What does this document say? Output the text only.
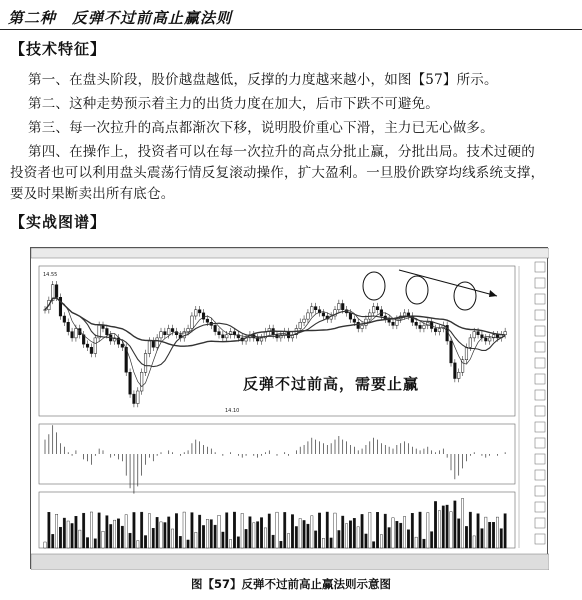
第二种　反弹不过前高止赢法则
【技术特征】
第一、在盘头阶段，股价越盘越低，反撑的力度越来越小，如图【57】所示。
第二、这种走势预示着主力的出货力度在加大，后市下跌不可避免。
第三、每一次拉升的高点都渐次下移，说明股价重心下滑，主力已无心做多。
第四、在操作上，投资者可以在每一次拉升的高点分批止赢，分批出局。技术过硬的
投资者也可以利用盘头震荡行情反复滚动操作，扩大盈利。一旦股价跌穿均线系统支撑，
要及时果断卖出所有底仓。
【实战图谱】
14.55
14.10
反弹不过前高，需要止赢
图【57】反弹不过前高止赢法则示意图
